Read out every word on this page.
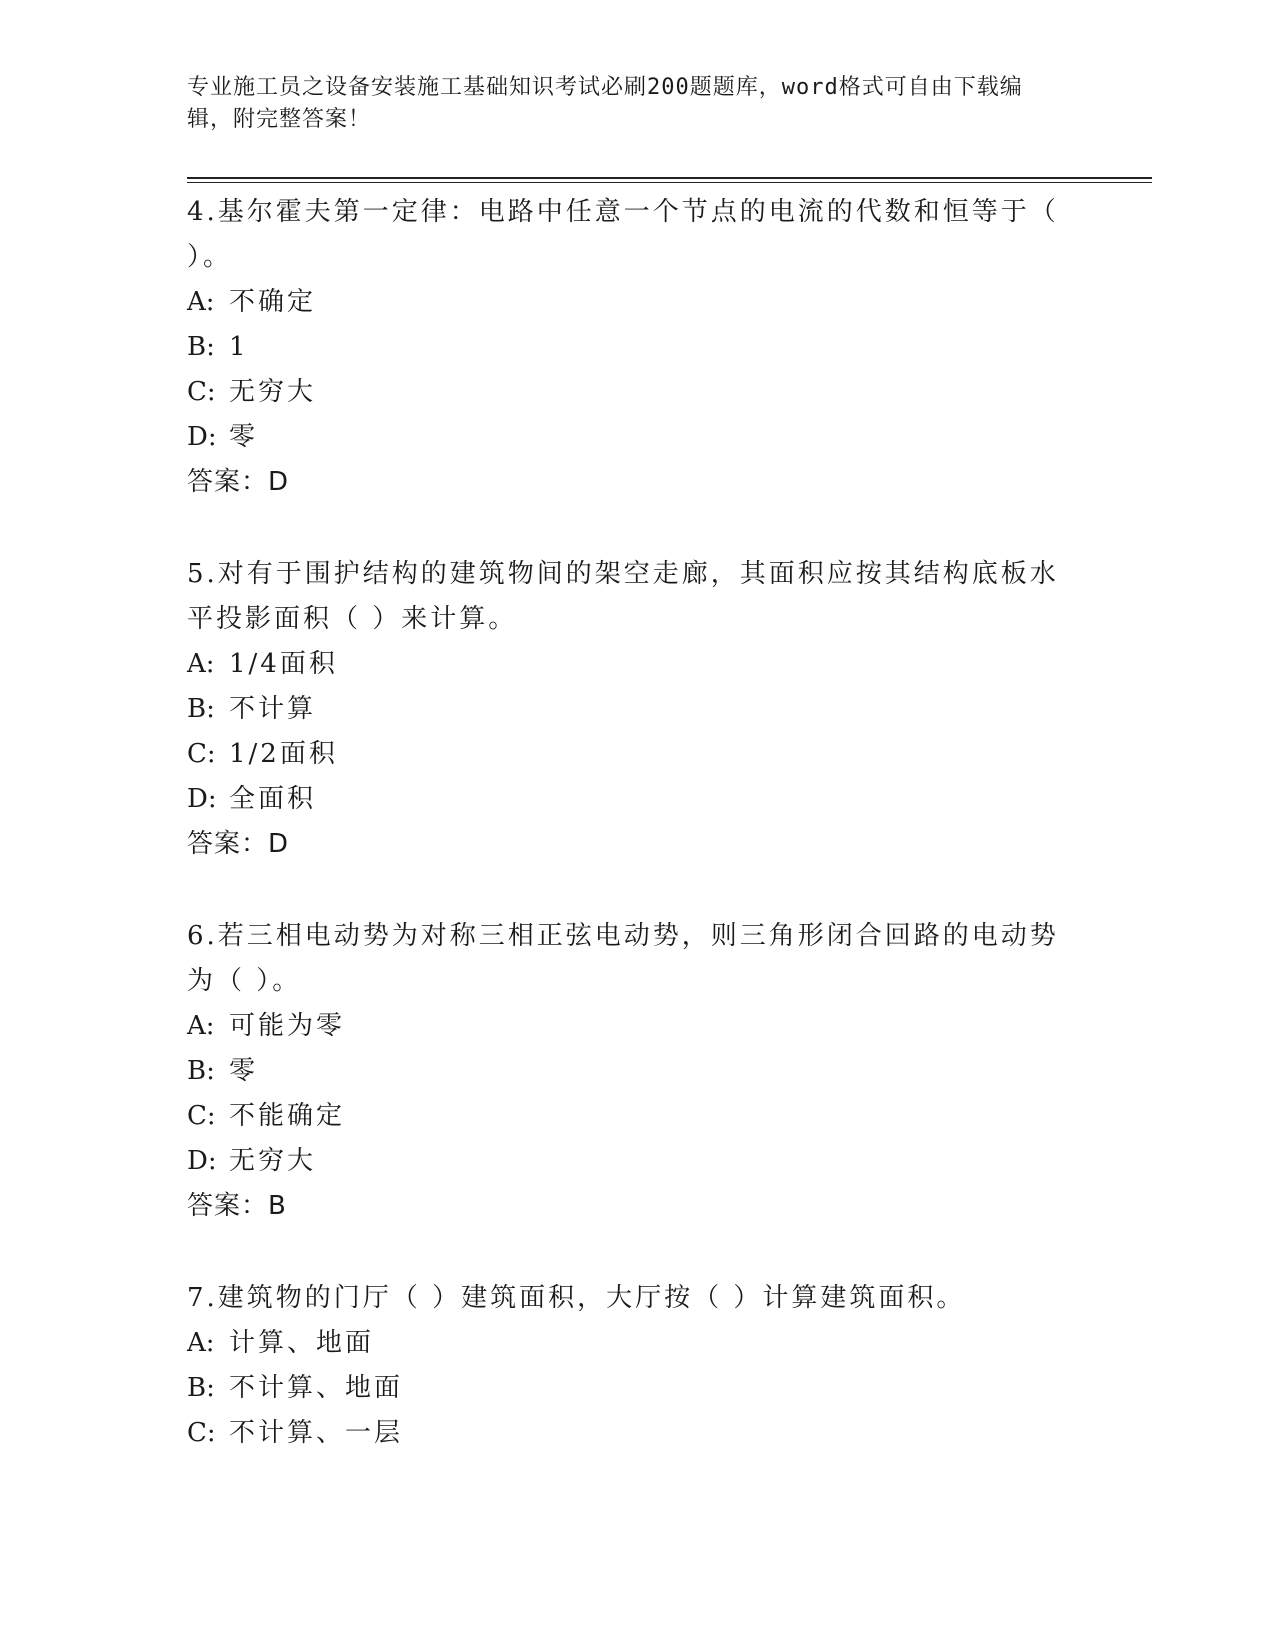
专业施工员之设备安装施工基础知识考试必刷200题题库，word格式可自由下载编辑，附完整答案！

4.基尔霍夫第一定律：电路中任意一个节点的电流的代数和恒等于（ ）。

A: 不确定

B: 1

C: 无穷大

D: 零

答案：D

5.对有于围护结构的建筑物间的架空走廊，其面积应按其结构底板水平投影面积（ ）来计算。

A: 1/4面积

B: 不计算

C: 1/2面积

D: 全面积

答案：D

6.若三相电动势为对称三相正弦电动势，则三角形闭合回路的电动势为（ ）。

A: 可能为零

B: 零

C: 不能确定

D: 无穷大

答案：B

7.建筑物的门厅（ ）建筑面积，大厅按（ ）计算建筑面积。

A: 计算、地面

B: 不计算、地面

C: 不计算、一层
